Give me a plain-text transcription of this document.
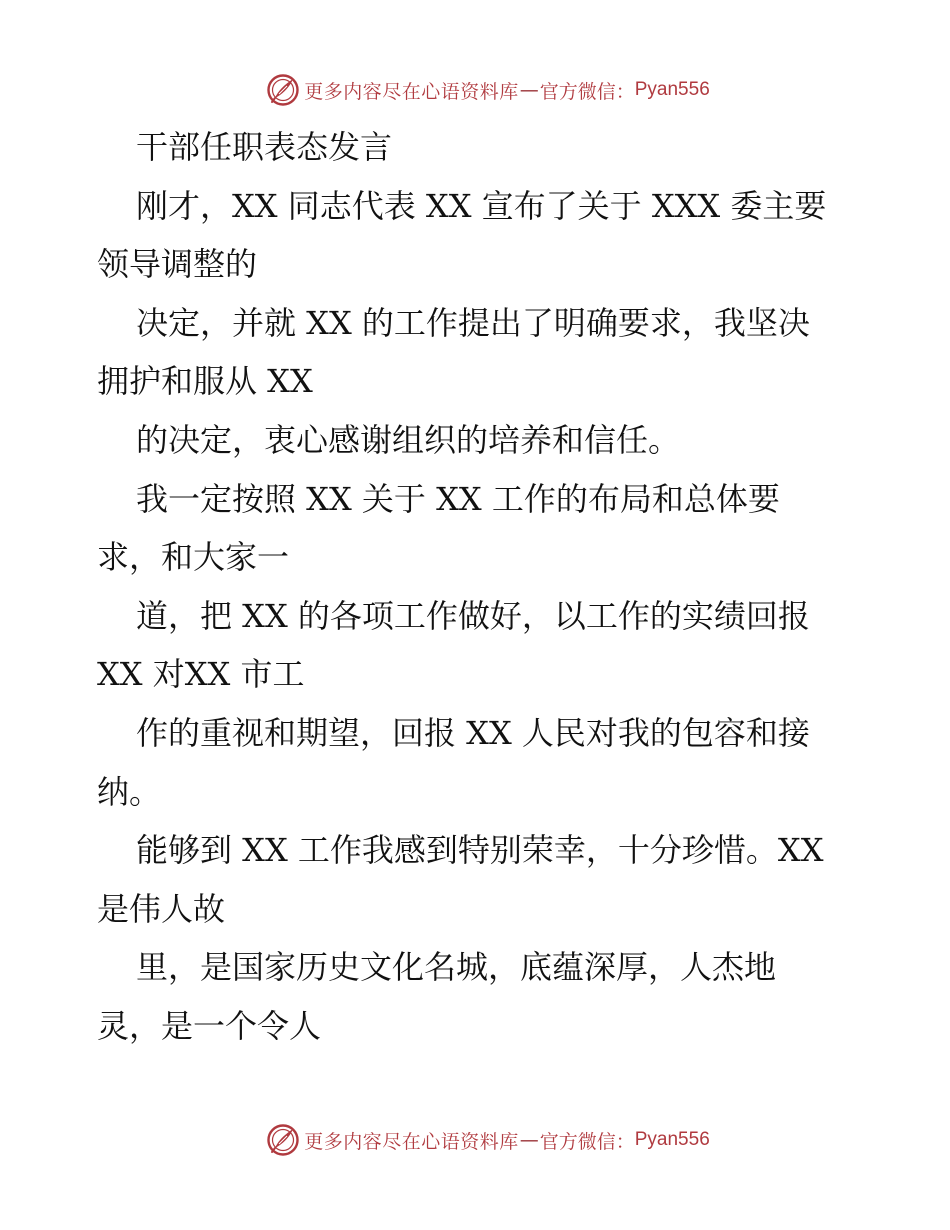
更多内容尽在心语资料库 — 官方微信： Pyan556
干部任职表态发言
刚才，XX 同志代表 XX 宣布了关于 XXX 委主要
领导调整的
决定，并就 XX 的工作提出了明确要求，我坚决
拥护和服从 XX
的决定，衷心感谢组织的培养和信任。
我一定按照 XX 关于 XX 工作的布局和总体要
求，和大家一
道，把 XX 的各项工作做好，以工作的实绩回报
XX 对XX 市工
作的重视和期望，回报 XX 人民对我的包容和接
纳。
能够到 XX 工作我感到特别荣幸，十分珍惜。XX
是伟人故
里，是国家历史文化名城，底蕴深厚，人杰地
灵，是一个令人
更多内容尽在心语资料库 — 官方微信： Pyan556
